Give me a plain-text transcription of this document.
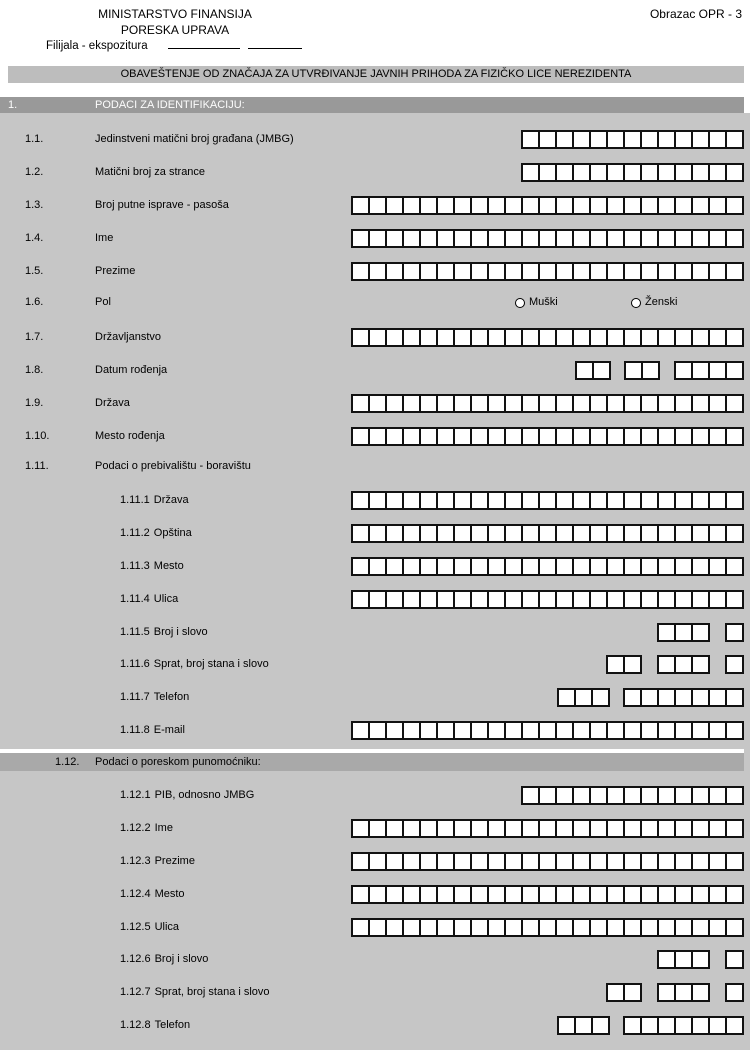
MINISTARSTVO FINANSIJA
PORESKA UPRAVA
Obrazac OPR - 3
Filijala - ekspozitura
OBAVEŠTENJE OD ZNAČAJA ZA UTVRĐIVANJE JAVNIH PRIHODA ZA FIZIČKO LICE NEREZIDENTA
1.	PODACI ZA IDENTIFIKACIJU:
1.1.	Jedinstveni matični broj građana (JMBG)
1.2.	Matični broj za strance
1.3.	Broj putne isprave - pasoša
1.4.	Ime
1.5.	Prezime
1.6.	Pol	Muški	Ženski
1.7.	Državljanstvo
1.8.	Datum rođenja
1.9.	Država
1.10.	Mesto rođenja
1.11.	Podaci o prebivalištu - boravištu
1.11.1 Država
1.11.2 Opština
1.11.3 Mesto
1.11.4 Ulica
1.11.5 Broj i slovo
1.11.6 Sprat, broj stana i slovo
1.11.7 Telefon
1.11.8 E-mail
1.12. Podaci o poreskom punomoćniku:
1.12.1 PIB, odnosno JMBG
1.12.2 Ime
1.12.3 Prezime
1.12.4 Mesto
1.12.5 Ulica
1.12.6 Broj i slovo
1.12.7 Sprat, broj stana i slovo
1.12.8 Telefon
